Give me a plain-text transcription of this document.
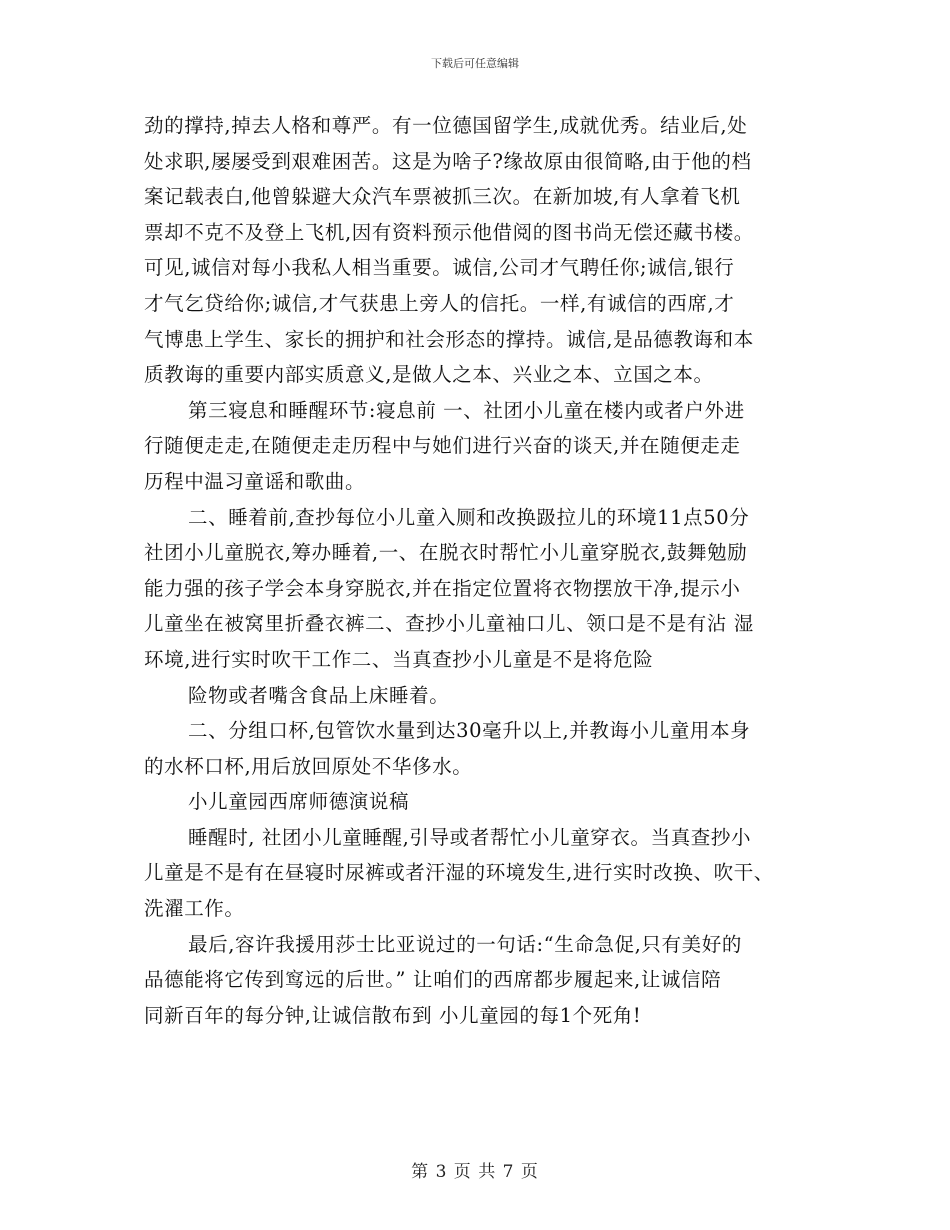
下载后可任意编辑
劲的撑持,掉去人格和尊严。有一位德国留学生,成就优秀。结业后,处
处求职,屡屡受到艰难困苦。这是为啥子?缘故原由很简略,由于他的档
案记载表白,他曾躲避大众汽车票被抓三次。在新加坡,有人拿着飞机
票却不克不及登上飞机,因有资料预示他借阅的图书尚无偿还藏书楼。
可见,诚信对每小我私人相当重要。诚信,公司才气聘任你;诚信,银行
才气乞贷给你;诚信,才气获患上旁人的信托。一样,有诚信的西席,才
气博患上学生、家长的拥护和社会形态的撑持。诚信,是品德教诲和本
质教诲的重要内部实质意义,是做人之本、兴业之本、立国之本。
第三寝息和睡醒环节:寝息前 一、社团小儿童在楼内或者户外进
行随便走走,在随便走走历程中与她们进行兴奋的谈天,并在随便走走
历程中温习童谣和歌曲。
二、睡着前,查抄每位小儿童入厕和改换趿拉儿的环境11点50分
社团小儿童脱衣,筹办睡着,一、在脱衣时帮忙小儿童穿脱衣,鼓舞勉励
能力强的孩子学会本身穿脱衣,并在指定位置将衣物摆放干净,提示小
儿童坐在被窝里折叠衣裤二、查抄小儿童袖口儿、领口是不是有沾 湿
环境,进行实时吹干工作二、当真查抄小儿童是不是将危险
险物或者嘴含食品上床睡着。
二、分组口杯,包管饮水量到达30毫升以上,并教诲小儿童用本身
的水杯口杯,用后放回原处不华侈水。
小儿童园西席师德演说稿
睡醒时, 社团小儿童睡醒,引导或者帮忙小儿童穿衣。当真查抄小
儿童是不是有在昼寝时尿裤或者汗湿的环境发生,进行实时改换、吹干、
洗濯工作。
最后,容许我援用莎士比亚说过的一句话:“生命急促,只有美好的
品德能将它传到窎远的后世。” 让咱们的西席都步履起来,让诚信陪
同新百年的每分钟,让诚信散布到 小儿童园的每1个死角!
第 3 页 共 7 页
